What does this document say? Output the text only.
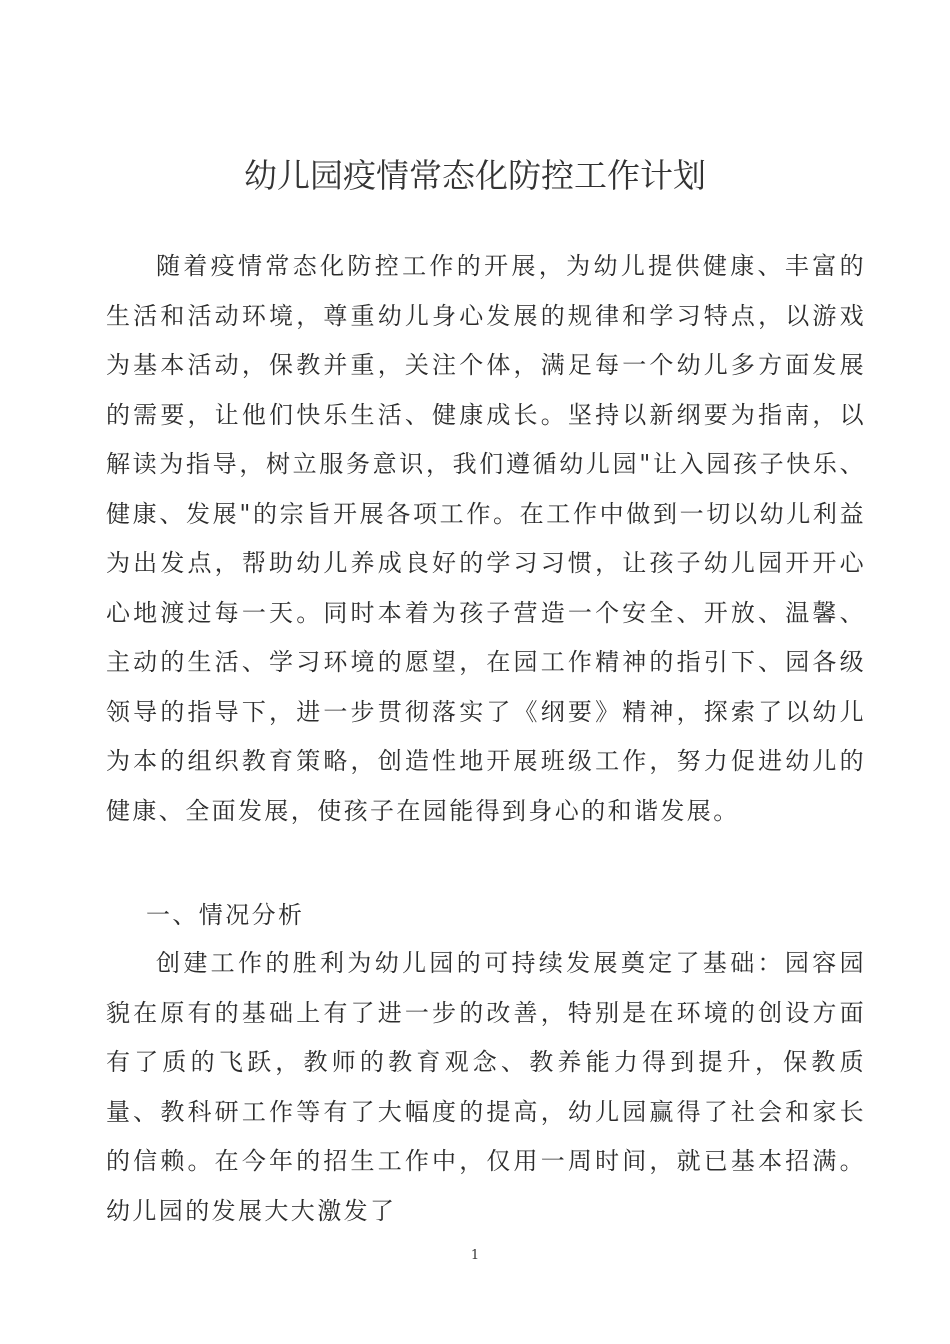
幼儿园疫情常态化防控工作计划

随着疫情常态化防控工作的开展，为幼儿提供健康、丰富的生活和活动环境，尊重幼儿身心发展的规律和学习特点，以游戏为基本活动，保教并重，关注个体，满足每一个幼儿多方面发展的需要，让他们快乐生活、健康成长。坚持以新纲要为指南，以解读为指导，树立服务意识，我们遵循幼儿园"让入园孩子快乐、健康、发展"的宗旨开展各项工作。在工作中做到一切以幼儿利益为出发点，帮助幼儿养成良好的学习习惯，让孩子幼儿园开开心心地渡过每一天。同时本着为孩子营造一个安全、开放、温馨、主动的生活、学习环境的愿望，在园工作精神的指引下、园各级领导的指导下，进一步贯彻落实了《纲要》精神，探索了以幼儿为本的组织教育策略，创造性地开展班级工作，努力促进幼儿的健康、全面发展，使孩子在园能得到身心的和谐发展。

一、情况分析

创建工作的胜利为幼儿园的可持续发展奠定了基础：园容园貌在原有的基础上有了进一步的改善，特别是在环境的创设方面有了质的飞跃，教师的教育观念、教养能力得到提升，保教质量、教科研工作等有了大幅度的提高，幼儿园赢得了社会和家长的信赖。在今年的招生工作中，仅用一周时间，就已基本招满。幼儿园的发展大大激发了

1
